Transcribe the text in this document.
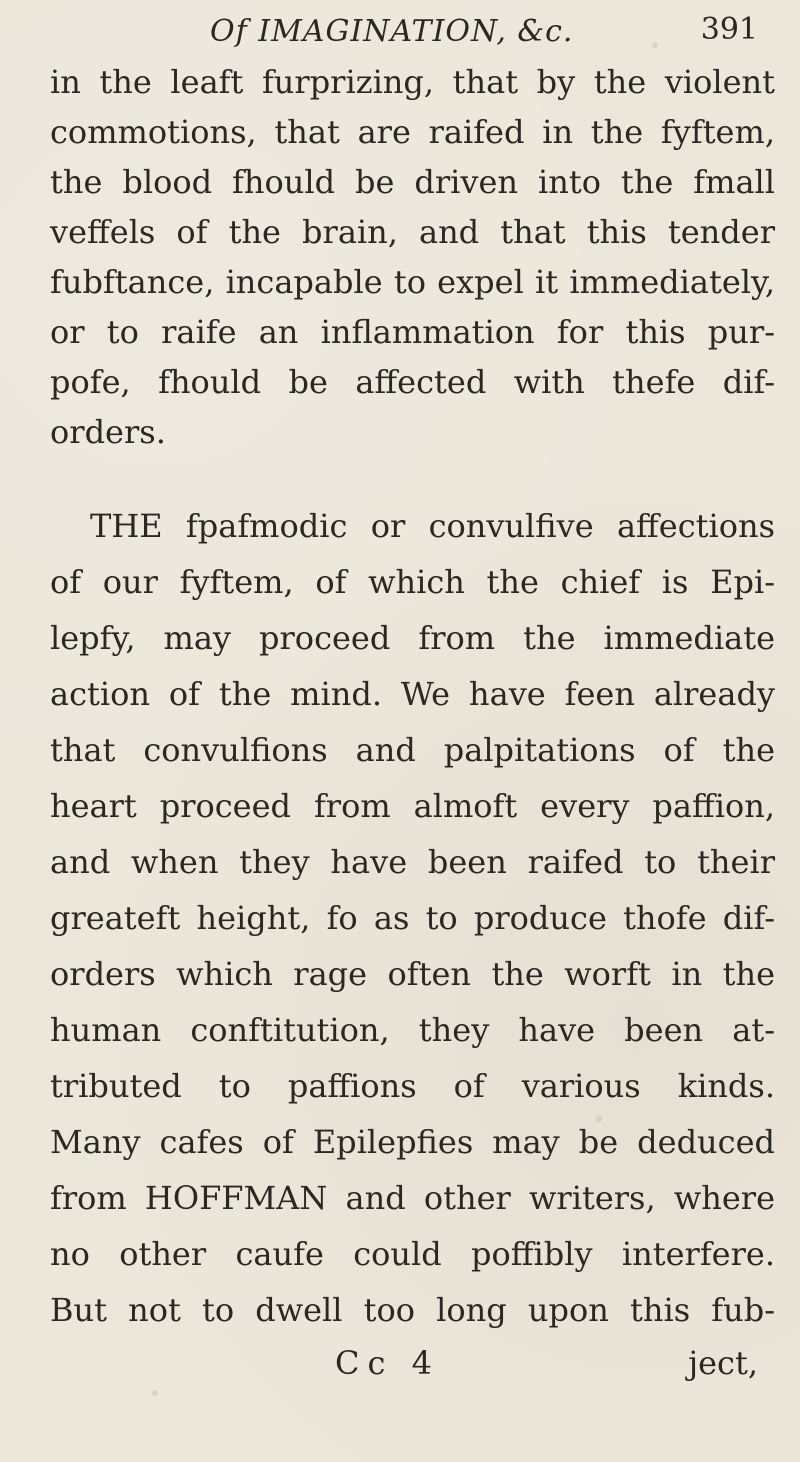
Of IMAGINATION, &c.	391
in the leaft furprizing, that by the violent
commotions, that are raifed in the fyftem,
the blood fhould be driven into the fmall
veffels of the brain, and that this tender
fubftance, incapable to expel it immediately,
or to raife an inflammation for this pur-
pofe, fhould be affected with thefe dif-
orders.
THE fpafmodic or convulfive affections
of our fyftem, of which the chief is Epi-
lepfy, may proceed from the immediate
action of the mind. We have feen already
that convulfions and palpitations of the
heart proceed from almoft every paffion,
and when they have been raifed to their
greateft height, fo as to produce thofe dif-
orders which rage often the worft in the
human conftitution, they have been at-
tributed to paffions of various kinds.
Many cafes of Epilepfies may be deduced
from HOFFMAN and other writers, where
no other caufe could poffibly interfere.
But not to dwell too long upon this fub-
Cc 4	ject,
